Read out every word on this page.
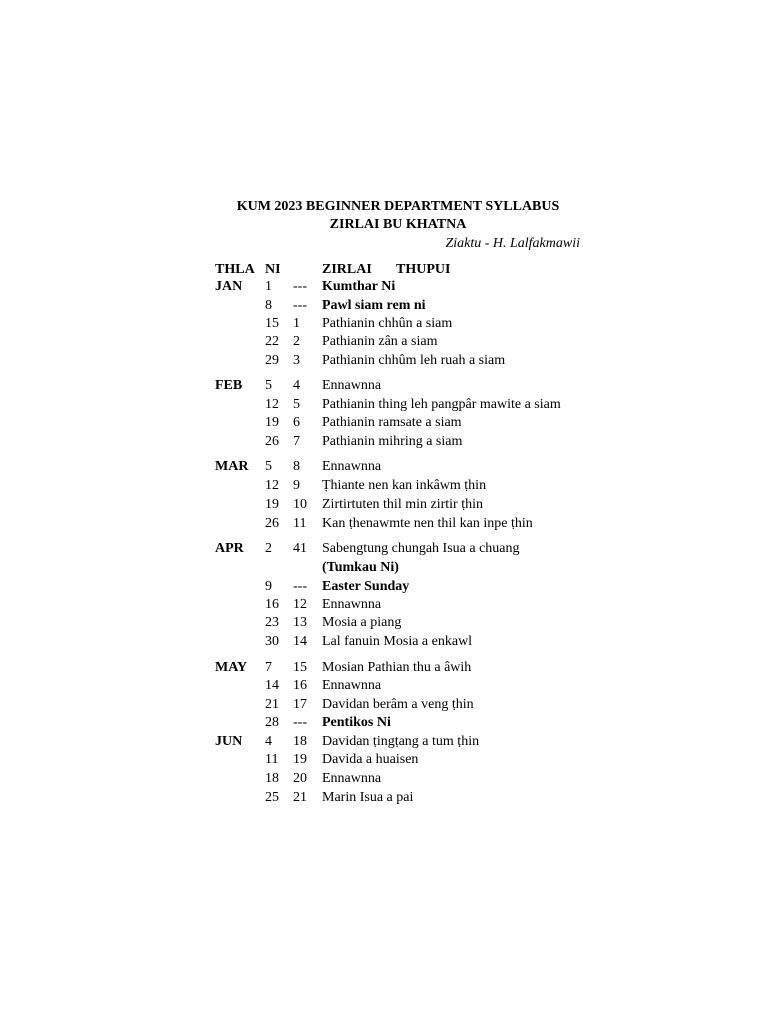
KUM 2023 BEGINNER DEPARTMENT SYLLABUS
ZIRLAI BU KHATNA
Ziaktu - H. Lalfakmawii
THLA NI	ZIRLAI THUPUI
JAN 1 --- Kumthar Ni
8 --- Pawl siam rem ni
15 1 Pathianin chhûn a siam
22 2 Pathianin zân a siam
29 3 Pathianin chhûm leh ruah a siam
FEB 5 4 Ennawnna
12 5 Pathianin thing leh pangpâr mawite a siam
19 6 Pathianin ramsate a siam
26 7 Pathianin mihring a siam
MAR 5 8 Ennawnna
12 9 Ṭhiante nen kan inkâwm ṭhin
19 10 Zirtirtuten thil min zirtir ṭhin
26 11 Kan ṭhenawmte nen thil kan inpe ṭhin
APR 2 41 Sabengtung chungah Isua a chuang
(Tumkau Ni)
9 --- Easter Sunday
16 12 Ennawnna
23 13 Mosia a piang
30 14 Lal fanuin Mosia a enkawl
MAY 7 15 Mosian Pathian thu a âwih
14 16 Ennawnna
21 17 Davidan berâm a veng ṭhin
28 --- Pentikos Ni
JUN 4 18 Davidan ṭingṭang a tum ṭhin
11 19 Davida a huaisen
18 20 Ennawnna
25 21 Marin Isua a pai
